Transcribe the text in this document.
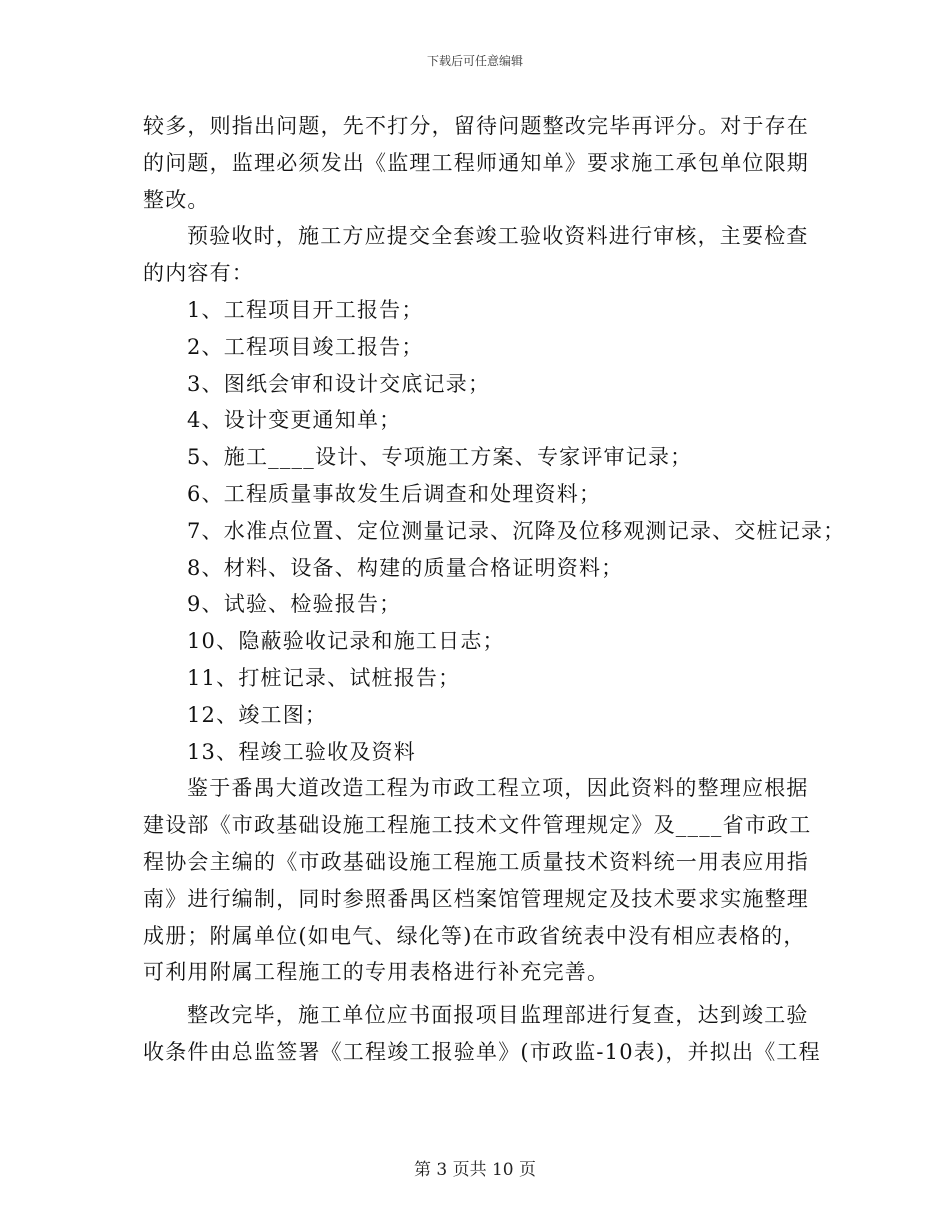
下载后可任意编辑

较多，则指出问题，先不打分，留待问题整改完毕再评分。对于存在的问题，监理必须发出《监理工程师通知单》要求施工承包单位限期整改。

预验收时，施工方应提交全套竣工验收资料进行审核，主要检查的内容有：

1、工程项目开工报告；

2、工程项目竣工报告；

3、图纸会审和设计交底记录；

4、设计变更通知单；

5、施工____设计、专项施工方案、专家评审记录；

6、工程质量事故发生后调查和处理资料；

7、水准点位置、定位测量记录、沉降及位移观测记录、交桩记录；

8、材料、设备、构建的质量合格证明资料；

9、试验、检验报告；

10、隐蔽验收记录和施工日志；

11、打桩记录、试桩报告；

12、竣工图；

13、程竣工验收及资料

鉴于番禺大道改造工程为市政工程立项，因此资料的整理应根据建设部《市政基础设施工程施工技术文件管理规定》及____省市政工程协会主编的《市政基础设施工程施工质量技术资料统一用表应用指南》进行编制，同时参照番禺区档案馆管理规定及技术要求实施整理成册；附属单位(如电气、绿化等)在市政省统表中没有相应表格的，可利用附属工程施工的专用表格进行补充完善。

整改完毕，施工单位应书面报项目监理部进行复查，达到竣工验收条件由总监签署《工程竣工报验单》(市政监-10表)，并拟出《工程

第 3 页共 10 页
